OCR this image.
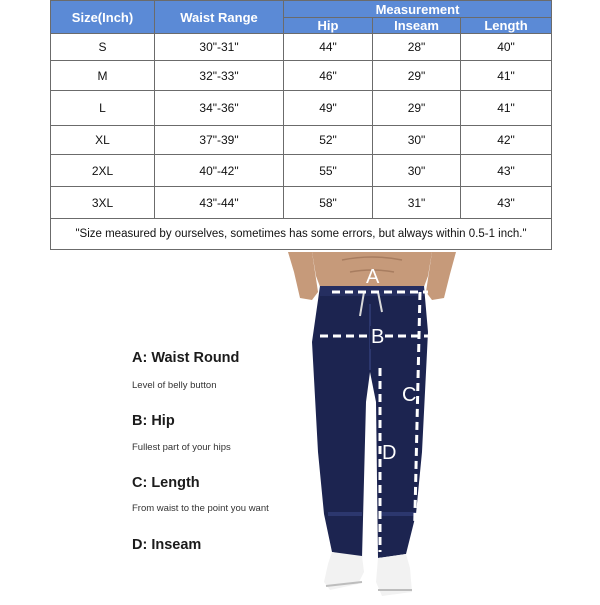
Size(Inch)	Waist Range	Measurement		
		Hip	Inseam	Length
S	30"-31"	44"	28"	40"
M	32"-33"	46"	29"	41"
L	34"-36"	49"	29"	41"
XL	37"-39"	52"	30"	42"
2XL	40"-42"	55"	30"	43"
3XL	43"-44"	58"	31"	43"
"Size measured by ourselves, sometimes has some errors, but always within 0.5-1 inch."				
A
B
C
D
A: Waist Round
Level of belly button
B: Hip
Fullest part of your hips
C: Length
From waist to the point you want
D: Inseam
